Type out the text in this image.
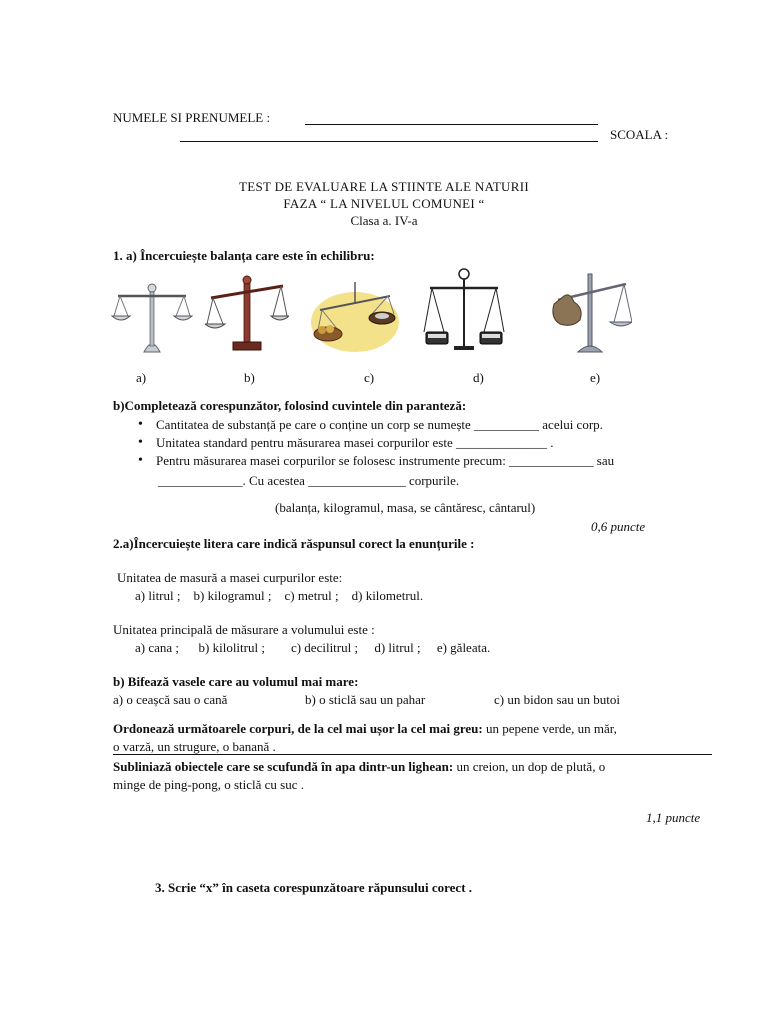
NUMELE SI PRENUMELE :
SCOALA :
TEST DE EVALUARE LA STIINTE ALE NATURII
FAZA “ LA NIVELUL COMUNEI “
Clasa a. IV-a
1. a) Încercuiește balanța care este în echilibru:
a)	b)	c)	d)	e)
b)Completează corespunzător, folosind cuvintele din paranteză:
• Cantitatea de substanță pe care o conține un corp se numește __________ acelui corp.
• Unitatea standard pentru măsurarea masei corpurilor este ______________ .
• Pentru măsurarea masei corpurilor se folosesc instrumente precum: _____________ sau
_____________. Cu acestea _______________ corpurile.
(balanța, kilogramul, masa, se cântăresc, cântarul)
0,6 puncte
2.a)Încercuiește litera care indică răspunsul corect la enunțurile :
Unitatea de masură a masei curpurilor este:
a) litrul ;    b) kilogramul ;    c) metrul ;    d) kilometrul.
Unitatea principală de măsurare a volumului este :
a) cana ;      b) kilolitrul ;        c) decilitrul ;     d) litrul ;     e) găleata.
b) Bifează vasele care au volumul mai mare:
a) o ceașcă sau o cană	b) o sticlă sau un pahar	c) un bidon sau un butoi
Ordonează următoarele corpuri, de la cel mai ușor la cel mai greu: un pepene verde, un măr,
o varză, un strugure, o banană .
Subliniază obiectele care se scufundă în apa dintr-un lighean: un creion, un dop de plută, o
minge de ping-pong, o sticlă cu suc .
1,1 puncte
3. Scrie “x” în caseta corespunzătoare răpunsului corect .
